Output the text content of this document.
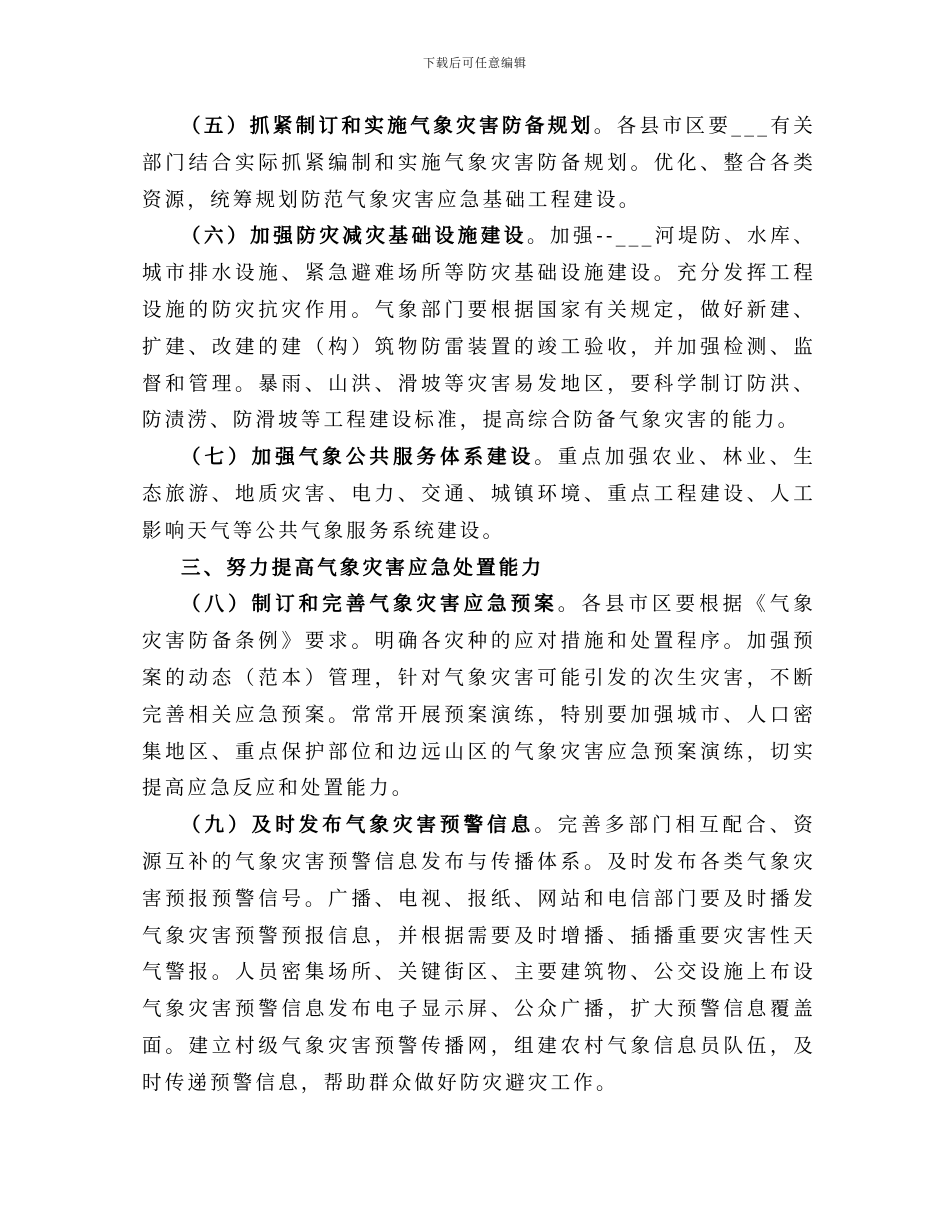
下载后可任意编辑

（五）抓紧制订和实施气象灾害防备规划。各县市区要___有关部门结合实际抓紧编制和实施气象灾害防备规划。优化、整合各类资源，统筹规划防范气象灾害应急基础工程建设。

（六）加强防灾减灾基础设施建设。加强--___河堤防、水库、城市排水设施、紧急避难场所等防灾基础设施建设。充分发挥工程设施的防灾抗灾作用。气象部门要根据国家有关规定，做好新建、扩建、改建的建（构）筑物防雷装置的竣工验收，并加强检测、监督和管理。暴雨、山洪、滑坡等灾害易发地区，要科学制订防洪、防渍涝、防滑坡等工程建设标准，提高综合防备气象灾害的能力。

（七）加强气象公共服务体系建设。重点加强农业、林业、生态旅游、地质灾害、电力、交通、城镇环境、重点工程建设、人工影响天气等公共气象服务系统建设。

三、努力提高气象灾害应急处置能力

（八）制订和完善气象灾害应急预案。各县市区要根据《气象灾害防备条例》要求。明确各灾种的应对措施和处置程序。加强预案的动态（范本）管理，针对气象灾害可能引发的次生灾害，不断完善相关应急预案。常常开展预案演练，特别要加强城市、人口密集地区、重点保护部位和边远山区的气象灾害应急预案演练，切实提高应急反应和处置能力。

（九）及时发布气象灾害预警信息。完善多部门相互配合、资源互补的气象灾害预警信息发布与传播体系。及时发布各类气象灾害预报预警信号。广播、电视、报纸、网站和电信部门要及时播发气象灾害预警预报信息，并根据需要及时增播、插播重要灾害性天气警报。人员密集场所、关键街区、主要建筑物、公交设施上布设气象灾害预警信息发布电子显示屏、公众广播，扩大预警信息覆盖面。建立村级气象灾害预警传播网，组建农村气象信息员队伍，及时传递预警信息，帮助群众做好防灾避灾工作。
